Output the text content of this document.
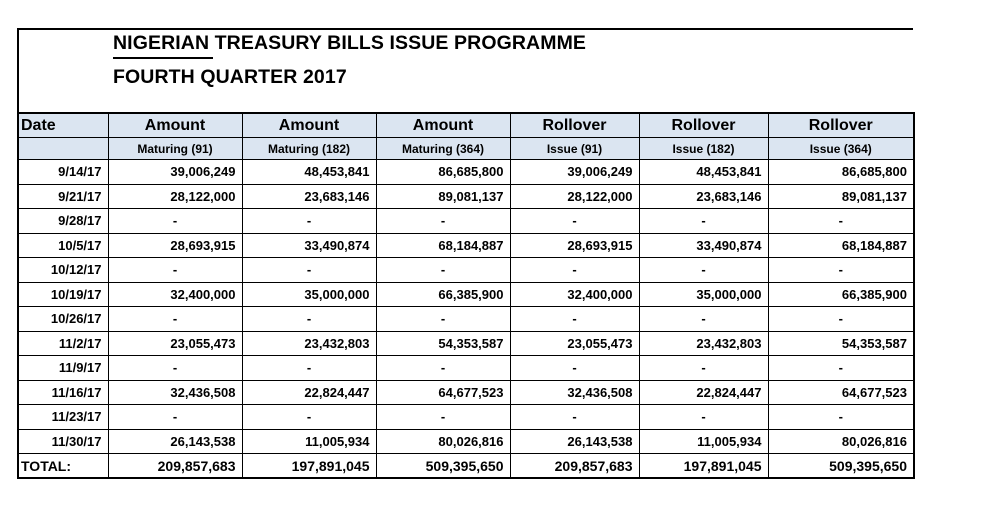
NIGERIAN TREASURY BILLS ISSUE PROGRAMME
FOURTH QUARTER 2017
Date	Amount	Amount	Amount	Rollover	Rollover	Rollover
	Maturing (91)	Maturing (182)	Maturing (364)	Issue (91)	Issue (182)	Issue (364)
9/14/17	39,006,249	48,453,841	86,685,800	39,006,249	48,453,841	86,685,800
9/21/17	28,122,000	23,683,146	89,081,137	28,122,000	23,683,146	89,081,137
9/28/17	-	-	-	-	-	-
10/5/17	28,693,915	33,490,874	68,184,887	28,693,915	33,490,874	68,184,887
10/12/17	-	-	-	-	-	-
10/19/17	32,400,000	35,000,000	66,385,900	32,400,000	35,000,000	66,385,900
10/26/17	-	-	-	-	-	-
11/2/17	23,055,473	23,432,803	54,353,587	23,055,473	23,432,803	54,353,587
11/9/17	-	-	-	-	-	-
11/16/17	32,436,508	22,824,447	64,677,523	32,436,508	22,824,447	64,677,523
11/23/17	-	-	-	-	-	-
11/30/17	26,143,538	11,005,934	80,026,816	26,143,538	11,005,934	80,026,816
TOTAL:	209,857,683	197,891,045	509,395,650	209,857,683	197,891,045	509,395,650
